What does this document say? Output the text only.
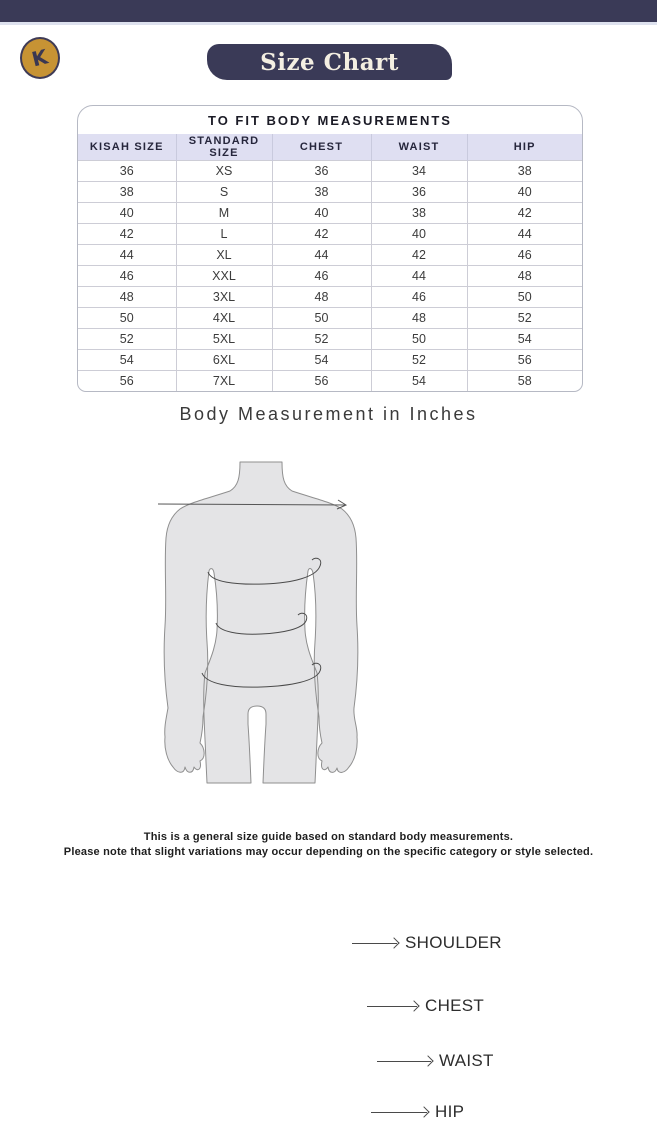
K	Size Chart
TO FIT BODY MEASUREMENTS
KISAH SIZE	STANDARD SIZE	CHEST	WAIST	HIP
36	XS	36	34	38
38	S	38	36	40
40	M	40	38	42
42	L	42	40	44
44	XL	44	42	46
46	XXL	46	44	48
48	3XL	48	46	50
50	4XL	50	48	52
52	5XL	52	50	54
54	6XL	54	52	56
56	7XL	56	54	58
Body Measurement in Inches
SHOULDER
CHEST
WAIST
HIP
This is a general size guide based on standard body measurements.
Please note that slight variations may occur depending on the specific category or style selected.
